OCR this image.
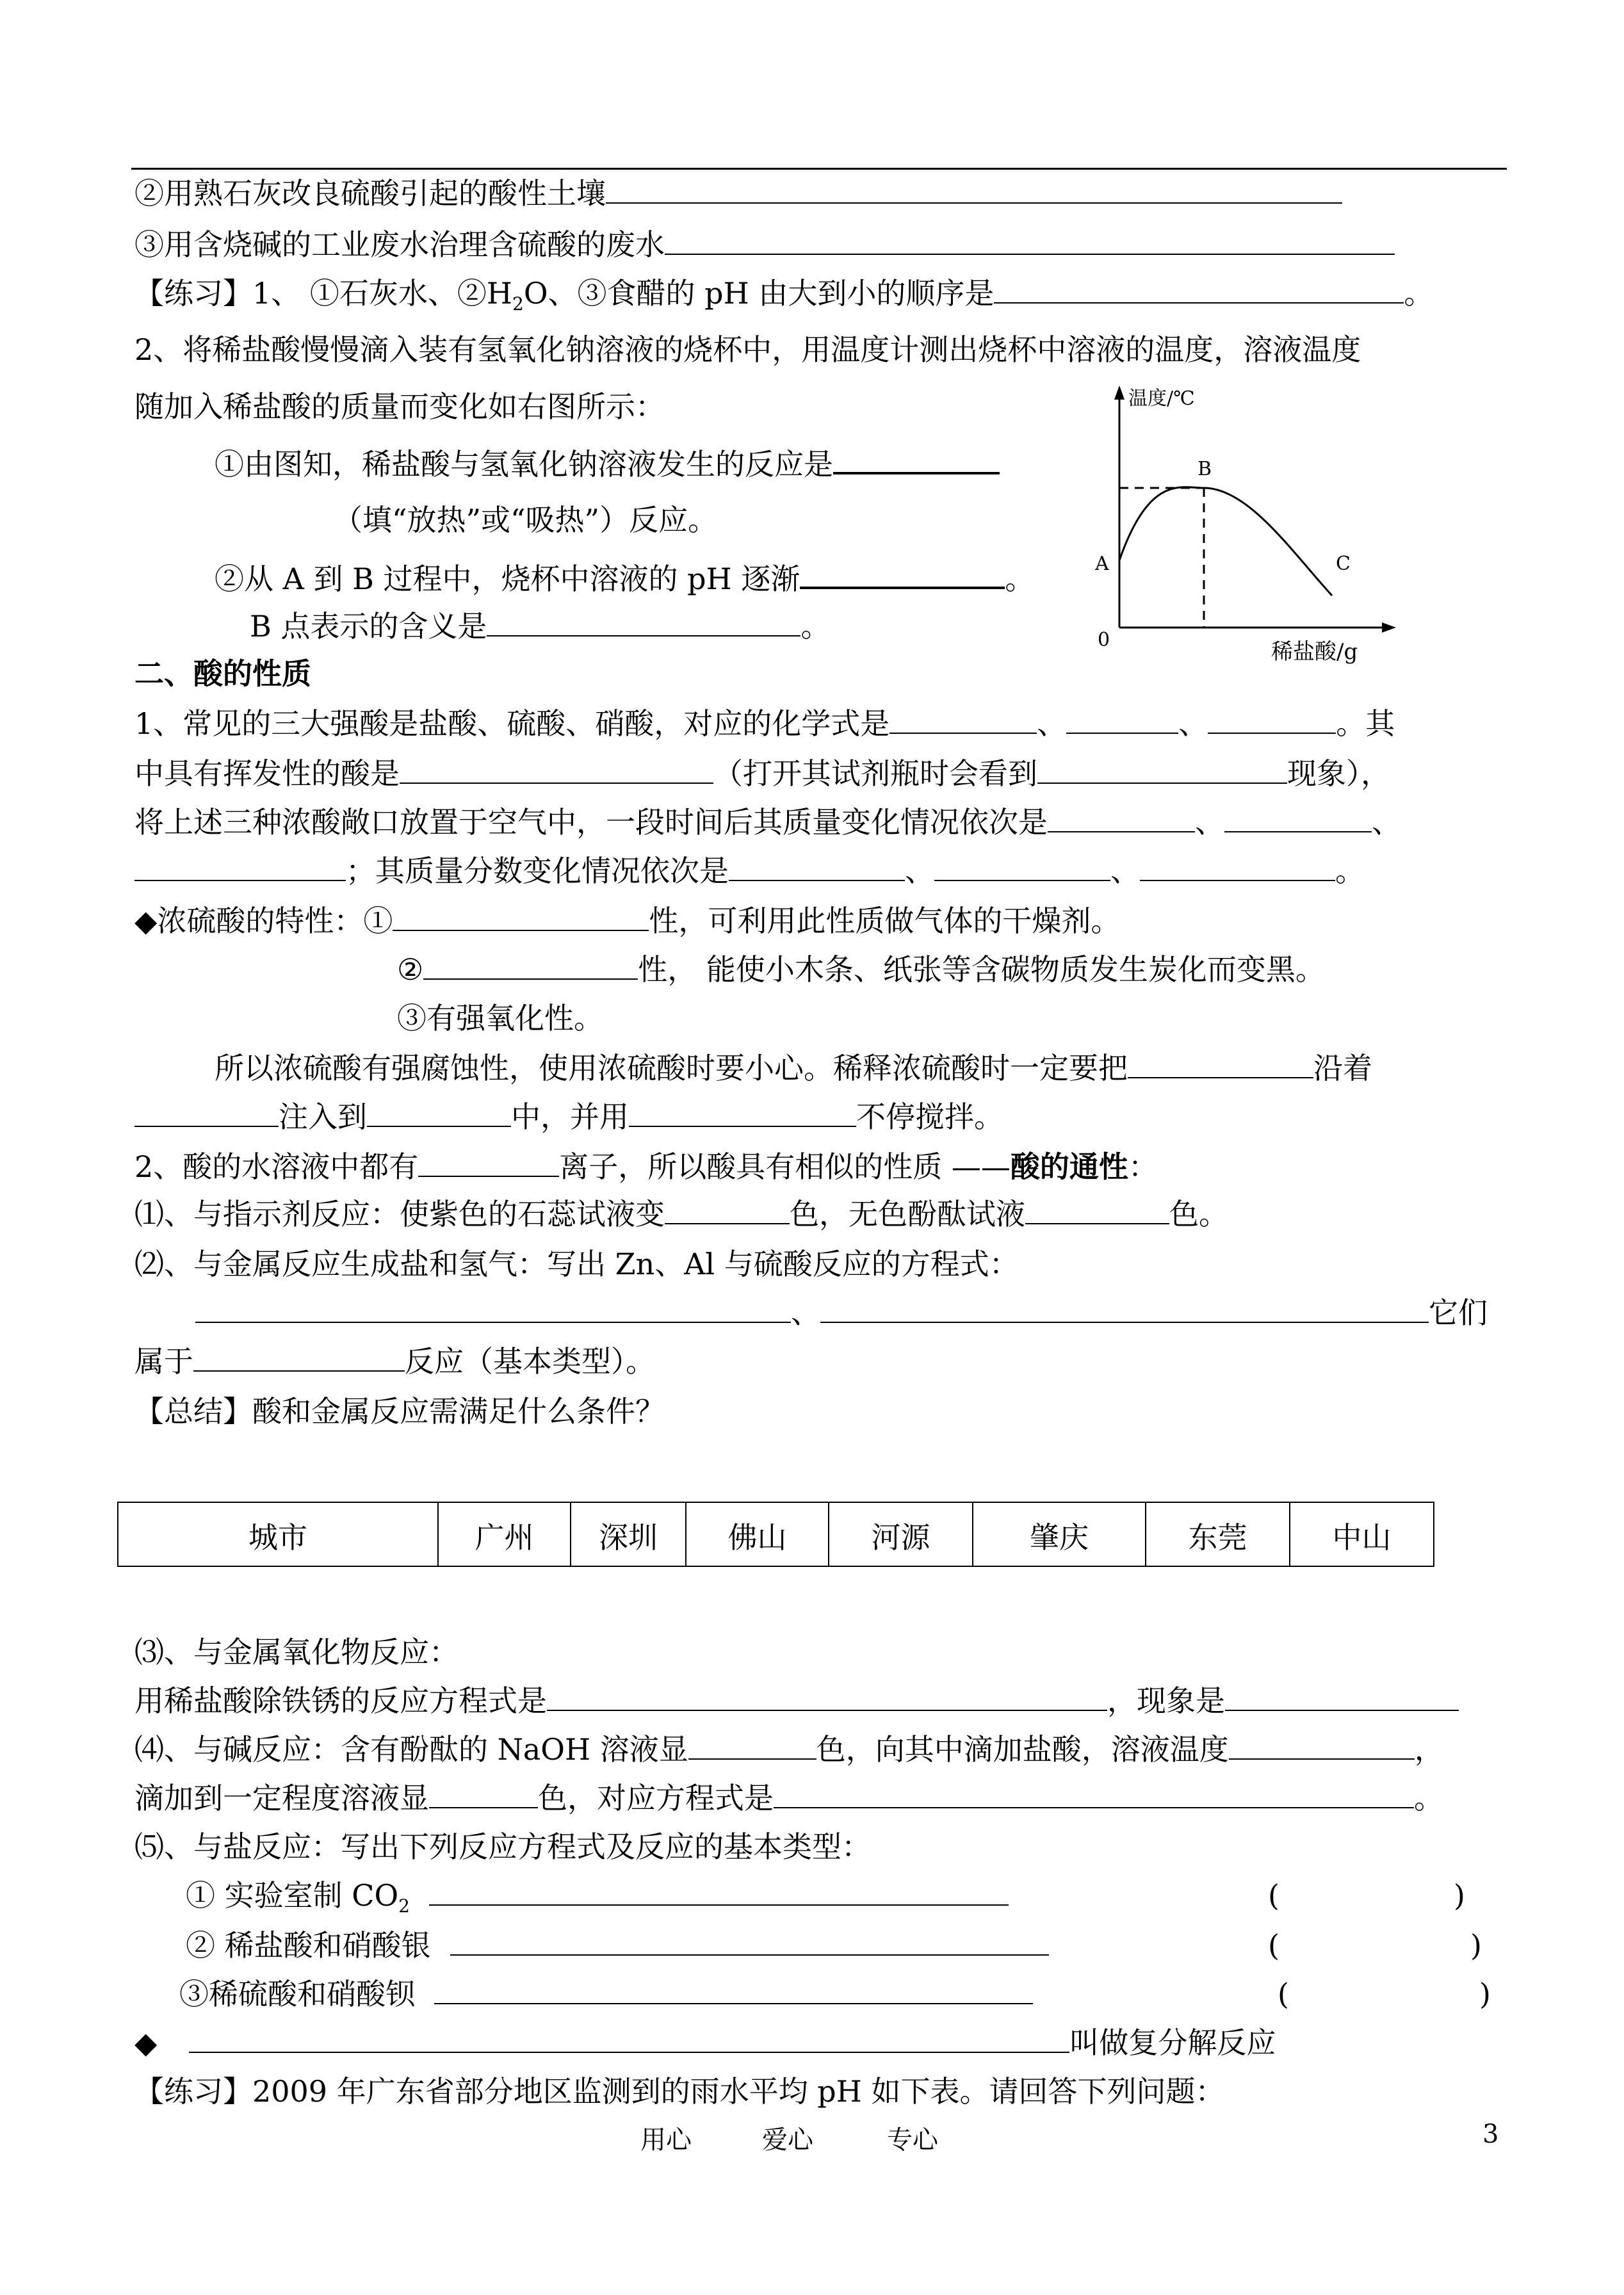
②用熟石灰改良硫酸引起的酸性土壤
③用含烧碱的工业废水治理含硫酸的废水
【练习】1、 ①石灰水、$②H_2O$、③食醋的 pH 由大到小的顺序是	。
2、将稀盐酸慢慢滴入装有氢氧化钠溶液的烧杯中，用温度计测出烧杯中溶液的温度，溶液温度
随加入稀盐酸的质量而变化如右图所示：
①由图知，稀盐酸与氢氧化钠溶液发生的反应是
（填“放热”或“吸热”）反应。
②从 A 到 B 过程中，烧杯中溶液的 pH 逐渐	。
B 点表示的含义是	。
温度/℃
B
A	C
0	稀盐酸/g
二、酸的性质
1、常见的三大强酸是盐酸、硫酸、硝酸，对应的化学式是	、	、	。其
中具有挥发性的酸是	（打开其试剂瓶时会看到	现象），
将上述三种浓酸敞口放置于空气中，一段时间后其质量变化情况依次是	、	、
；其质量分数变化情况依次是	、	、	。
◆浓硫酸的特性：①	性，可利用此性质做气体的干燥剂。
②	性， 能使小木条、纸张等含碳物质发生炭化而变黑。
③有强氧化性。
所以浓硫酸有强腐蚀性，使用浓硫酸时要小心。稀释浓硫酸时一定要把	沿着
注入到	中，并用	不停搅拌。
2、酸的水溶液中都有	离子，所以酸具有相似的性质 ——酸的通性：
⑴、与指示剂反应：使紫色的石蕊试液变	色，无色酚酞试液	色。
⑵、与金属反应生成盐和氢气：写出 Zn、Al 与硫酸反应的方程式：
、	它们
属于	反应（基本类型）。
【总结】酸和金属反应需满足什么条件？
城市	广州	深圳	佛山	河源	肇庆	东莞	中山
⑶、与金属氧化物反应：
用稀盐酸除铁锈的反应方程式是	，现象是
⑷、与碱反应：含有酚酞的 NaOH 溶液显	色，向其中滴加盐酸，溶液温度	，
滴加到一定程度溶液显	色，对应方程式是	。
⑸、与盐反应：写出下列反应方程式及反应的基本类型：
① 实验室制 $CO_2$	(	)
② 稀盐酸和硝酸银	(	)
③稀硫酸和硝酸钡	(	)
◆	叫做复分解反应
【练习】2009 年广东省部分地区监测到的雨水平均 pH 如下表。请回答下列问题：
用心	爱心	专心	3
